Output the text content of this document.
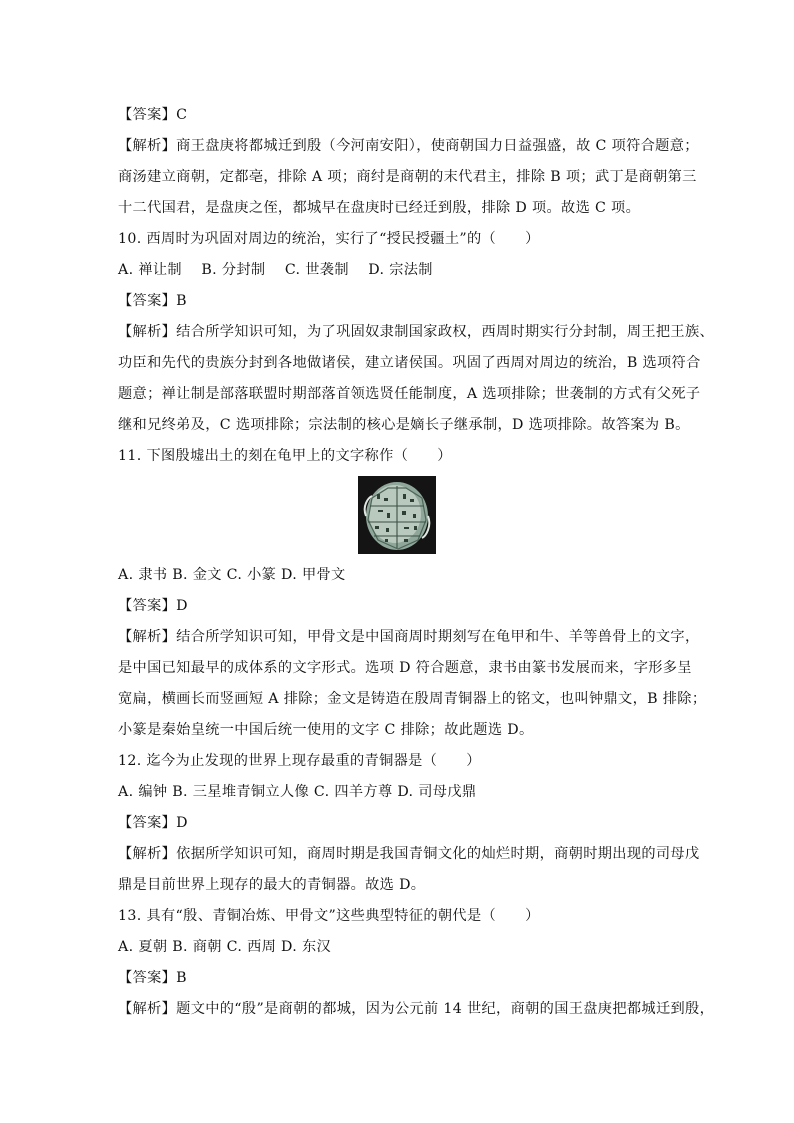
【答案】C
【解析】商王盘庚将都城迁到殷（今河南安阳），使商朝国力日益强盛，故 C 项符合题意；
商汤建立商朝，定都亳，排除 A 项；商纣是商朝的末代君主，排除 B 项；武丁是商朝第三
十二代国君，是盘庚之侄，都城早在盘庚时已经迁到殷，排除 D 项。故选 C 项。
10. 西周时为巩固对周边的统治，实行了“授民授疆土”的（　　）
A. 禅让制　 B. 分封制　 C. 世袭制　 D. 宗法制
【答案】B
【解析】结合所学知识可知，为了巩固奴隶制国家政权，西周时期实行分封制，周王把王族、
功臣和先代的贵族分封到各地做诸侯，建立诸侯国。巩固了西周对周边的统治，B 选项符合
题意；禅让制是部落联盟时期部落首领选贤任能制度，A 选项排除；世袭制的方式有父死子
继和兄终弟及，C 选项排除；宗法制的核心是嫡长子继承制，D 选项排除。故答案为 B。
11. 下图殷墟出土的刻在龟甲上的文字称作（　　）
A. 隶书 B. 金文 C. 小篆 D. 甲骨文
【答案】D
【解析】结合所学知识可知，甲骨文是中国商周时期刻写在龟甲和牛、羊等兽骨上的文字，
是中国已知最早的成体系的文字形式。选项 D 符合题意，隶书由篆书发展而来，字形多呈
宽扁，横画长而竖画短 A 排除；金文是铸造在殷周青铜器上的铭文，也叫钟鼎文，B 排除；
小篆是秦始皇统一中国后统一使用的文字 C 排除；故此题选 D。
12. 迄今为止发现的世界上现存最重的青铜器是（　　）
A. 编钟 B. 三星堆青铜立人像 C. 四羊方尊 D. 司母戊鼎
【答案】D
【解析】依据所学知识可知，商周时期是我国青铜文化的灿烂时期，商朝时期出现的司母戊
鼎是目前世界上现存的最大的青铜器。故选 D。
13. 具有“殷、青铜冶炼、甲骨文”这些典型特征的朝代是（　　）
A. 夏朝 B. 商朝 C. 西周 D. 东汉
【答案】B
【解析】题文中的“殷”是商朝的都城，因为公元前 14 世纪，商朝的国王盘庚把都城迁到殷，
